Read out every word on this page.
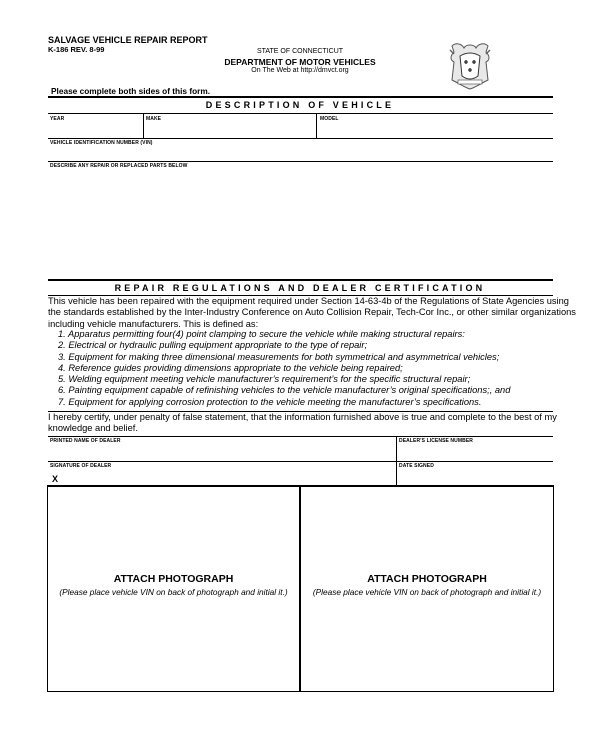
SALVAGE VEHICLE REPAIR REPORT
K-186 REV. 8-99	STATE OF CONNECTICUT
DEPARTMENT OF MOTOR VEHICLES
On The Web at http://dmvct.org
Please complete both sides of this form.
DESCRIPTION OF VEHICLE
YEAR	MAKE	MODEL
VEHICLE IDENTIFICATION NUMBER (VIN)
DESCRIBE ANY REPAIR OR REPLACED PARTS BELOW
REPAIR REGULATIONS AND DEALER CERTIFICATION
This vehicle has been repaired with the equipment required under Section 14-63-4b of the Regulations of State Agencies using
the standards established by the Inter-Industry Conference on Auto Collision Repair, Tech-Cor Inc., or other similar organizations
including vehicle manufacturers. This is defined as:
1. Apparatus permitting four(4) point clamping to secure the vehicle while making structural repairs:
2. Electrical or hydraulic pulling equipment appropriate to the type of repair;
3. Equipment for making three dimensional measurements for both symmetrical and asymmetrical vehicles;
4. Reference guides providing dimensions appropriate to the vehicle being repaired;
5. Welding equipment meeting vehicle manufacturer’s requirement’s for the specific structural repair;
6. Painting equipment capable of refinishing vehicles to the vehicle manufacturer’s original specifications;, and
7. Equipment for applying corrosion protection to the vehicle meeting the manufacturer’s specifications.
I hereby certify, under penalty of false statement, that the information furnished above is true and complete to the best of my
knowledge and belief.
PRINTED NAME OF DEALER	DEALER’S LICENSE NUMBER
SIGNATURE OF DEALER	DATE SIGNED
X
ATTACH PHOTOGRAPH
(Please place vehicle VIN on back of photograph and initial it.)
ATTACH PHOTOGRAPH
(Please place vehicle VIN on back of photograph and initial it.)
